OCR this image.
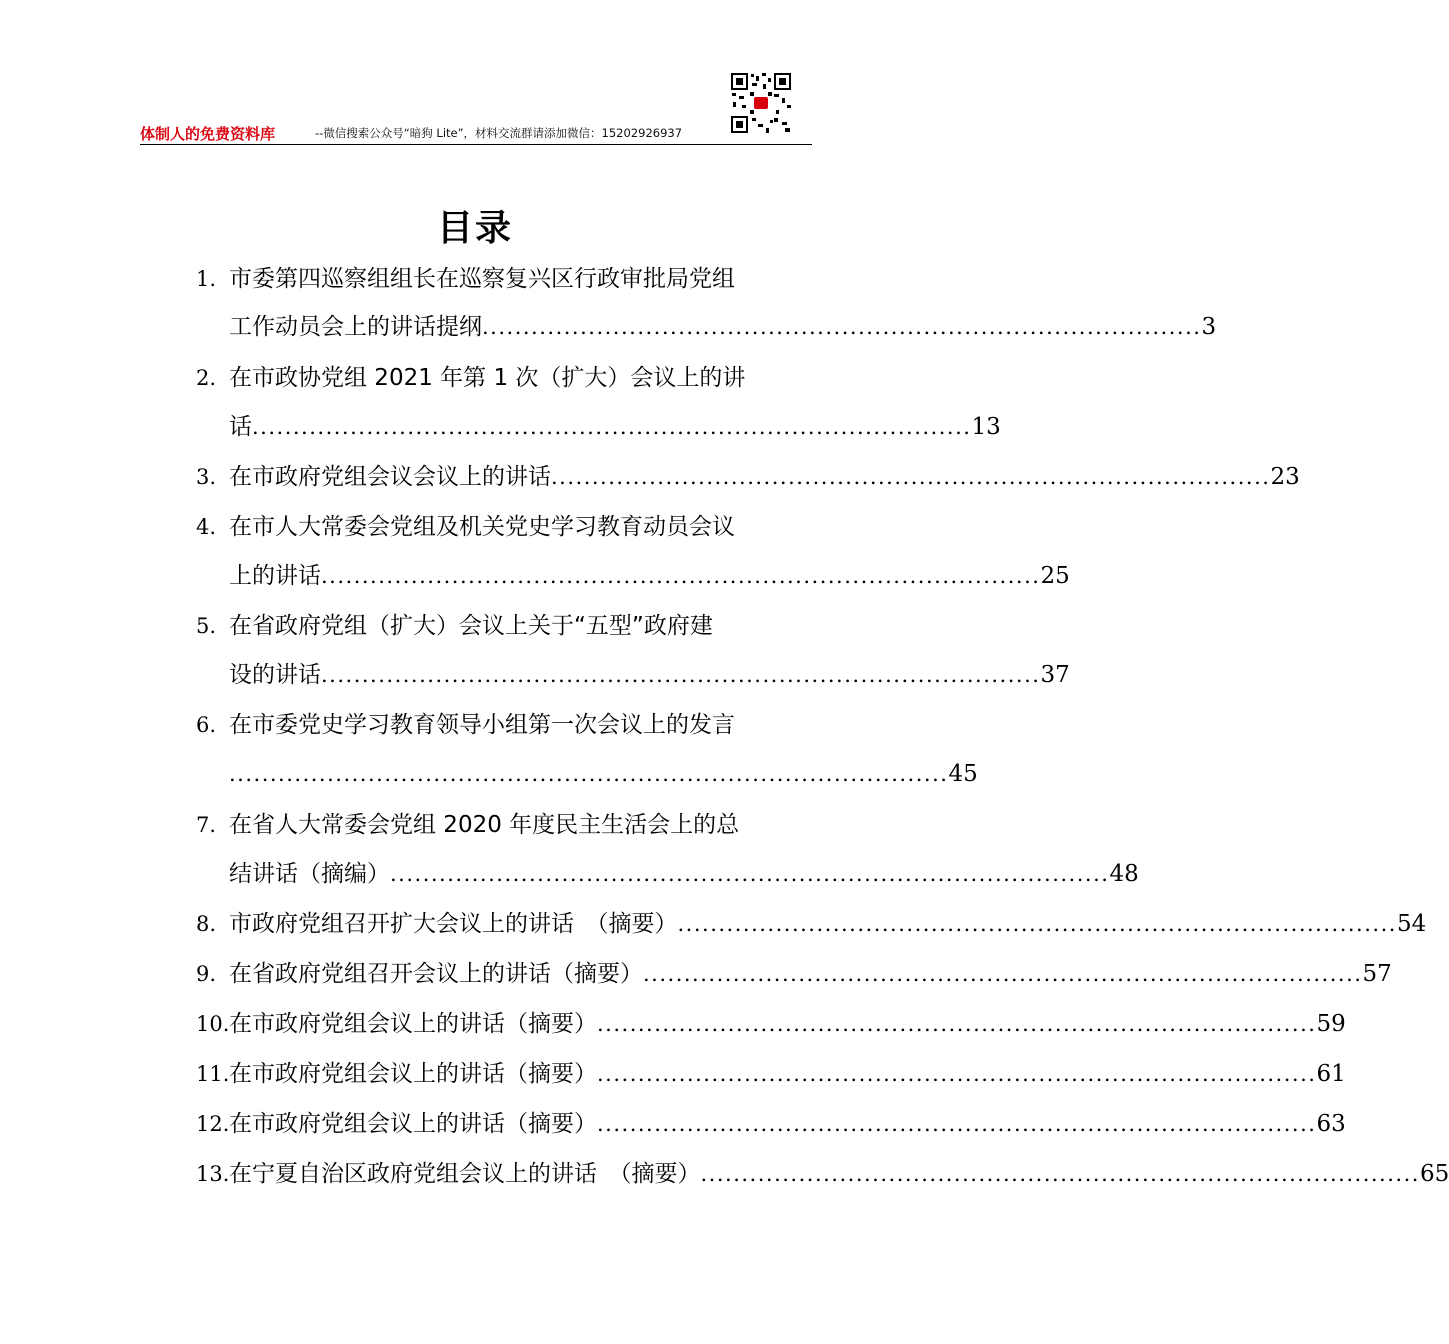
体制人的免费资料库	--微信搜索公众号“暗狗 Lite”，材料交流群请添加微信：15202926937
目录
1. 市委第四巡察组组长在巡察复兴区行政审批局党组
工作动员会上的讲话提纲 ........................................................................................ 3
2. 在市政协党组 2021 年第 1 次（扩大）会议上的讲
话 ........................................................................................ 13
3. 在市政府党组会议会议上的讲话 ........................................................................................ 23
4. 在市人大常委会党组及机关党史学习教育动员会议
上的讲话 ........................................................................................ 25
5. 在省政府党组（扩大）会议上关于“五型”政府建
设的讲话 ........................................................................................ 37
6. 在市委党史学习教育领导小组第一次会议上的发言
........................................................................................ 45
7. 在省人大常委会党组 2020 年度民主生活会上的总
结讲话（摘编） ........................................................................................ 48
8. 市政府党组召开扩大会议上的讲话　（摘要） ........................................................................................ 54
9. 在省政府党组召开会议上的讲话（摘要） ........................................................................................ 57
10. 在市政府党组会议上的讲话（摘要） ........................................................................................ 59
11. 在市政府党组会议上的讲话（摘要） ........................................................................................ 61
12. 在市政府党组会议上的讲话（摘要） ........................................................................................ 63
13. 在宁夏自治区政府党组会议上的讲话　（摘要） ........................................................................................ 65
